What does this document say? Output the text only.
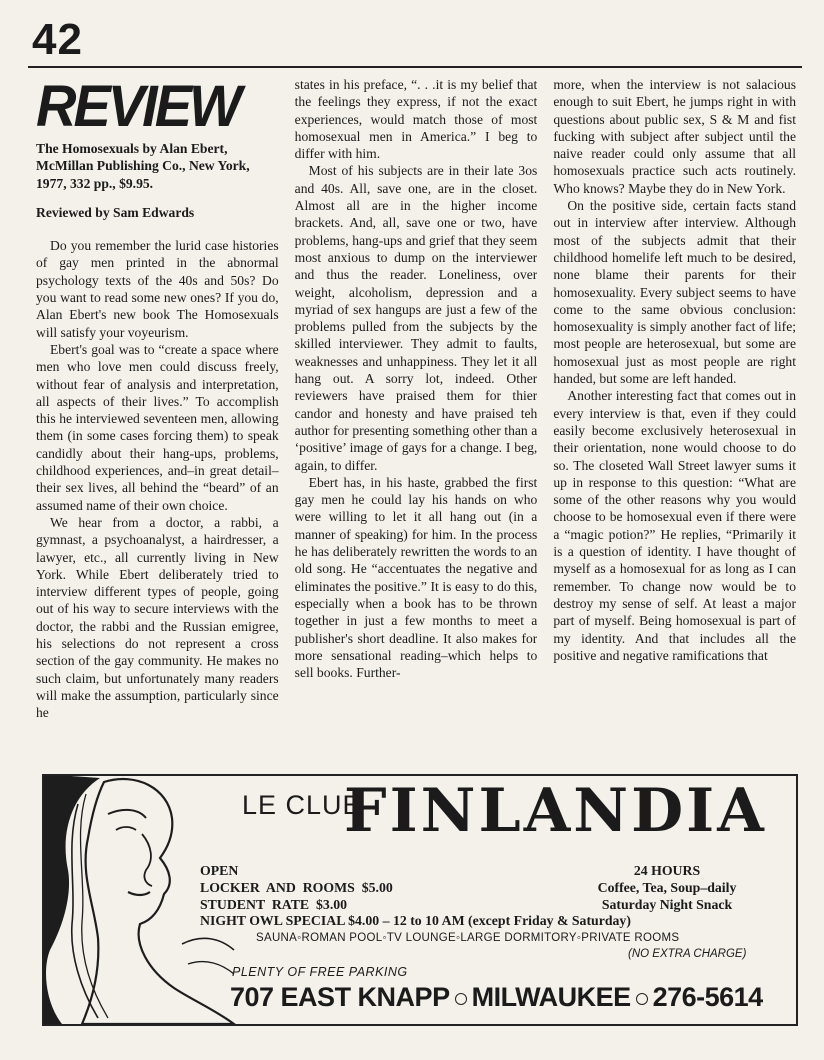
42
REVIEW
The Homosexuals by Alan Ebert, McMillan Publishing Co., New York, 1977, 332 pp., $9.95.
Reviewed by Sam Edwards

Do you remember the lurid case histories of gay men printed in the abnormal psychology texts of the 40s and 50s? Do you want to read some new ones? If you do, Alan Ebert's new book The Homosexuals will satisfy your voyeurism.

Ebert's goal was to “create a space where men who love men could discuss freely, without fear of analysis and interpretation, all aspects of their lives.” To accomplish this he interviewed seventeen men, allowing them (in some cases forcing them) to speak candidly about their hang-ups, problems, childhood experiences, and–in great detail–their sex lives, all behind the “beard” of an assumed name of their own choice.

We hear from a doctor, a rabbi, a gymnast, a psychoanalyst, a hairdresser, a lawyer, etc., all currently living in New York. While Ebert deliberately tried to interview different types of people, going out of his way to secure interviews with the doctor, the rabbi and the Russian emigree, his selections do not represent a cross section of the gay community. He makes no such claim, but unfortunately many readers will make the assumption, particularly since he

states in his preface, “. . .it is my belief that the feelings they express, if not the exact experiences, would match those of most homosexual men in America.” I beg to differ with him.

Most of his subjects are in their late 3os and 40s. All, save one, are in the closet. Almost all are in the higher income brackets. And, all, save one or two, have problems, hang-ups and grief that they seem most anxious to dump on the interviewer and thus the reader. Loneliness, over weight, alcoholism, depression and a myriad of sex hangups are just a few of the problems pulled from the subjects by the skilled interviewer. They admit to faults, weaknesses and unhappiness. They let it all hang out. A sorry lot, indeed. Other reviewers have praised them for thier candor and honesty and have praised teh author for presenting something other than a ‘positive’ image of gays for a change. I beg, again, to differ.

Ebert has, in his haste, grabbed the first gay men he could lay his hands on who were willing to let it all hang out (in a manner of speaking) for him. In the process he has deliberately rewritten the words to an old song. He “accentuates the negative and eliminates the positive.” It is easy to do this, especially when a book has to be thrown together in just a few months to meet a publisher's short deadline. It also makes for more sensational reading–which helps to sell books. Further-

more, when the interview is not salacious enough to suit Ebert, he jumps right in with questions about public sex, S & M and fist fucking with subject after subject until the naive reader could only assume that all homosexuals practice such acts routinely. Who knows? Maybe they do in New York.

On the positive side, certain facts stand out in interview after interview. Although most of the subjects admit that their childhood homelife left much to be desired, none blame their parents for their homosexuality. Every subject seems to have come to the same obvious conclusion: homosexuality is simply another fact of life; most people are heterosexual, but some are homosexual just as most people are right handed, but some are left handed.

Another interesting fact that comes out in every interview is that, even if they could easily become exclusively heterosexual in their orientation, none would choose to do so. The closeted Wall Street lawyer sums it up in response to this question: “What are some of the other reasons why you would choose to be homosexual even if there were a “magic potion?” He replies, “Primarily it is a question of identity. I have thought of myself as a homosexual for as long as I can remember. To change now would be to destroy my sense of self. At least a major part of myself. Being homosexual is part of my identity. And that includes all the positive and negative ramifications that

LE CLUB
FINLANDIA
OPEN
LOCKER  AND  ROOMS  $5.00
STUDENT  RATE  $3.00
24 HOURS
Coffee, Tea, Soup–daily
Saturday Night Snack
NIGHT OWL SPECIAL $4.00 – 12 to 10 AM (except Friday & Saturday)
SAUNA◦ROMAN POOL◦TV LOUNGE◦LARGE DORMITORY◦PRIVATE ROOMS
(NO EXTRA CHARGE)
PLENTY OF FREE PARKING
707 EAST KNAPP MILWAUKEE 276-5614
